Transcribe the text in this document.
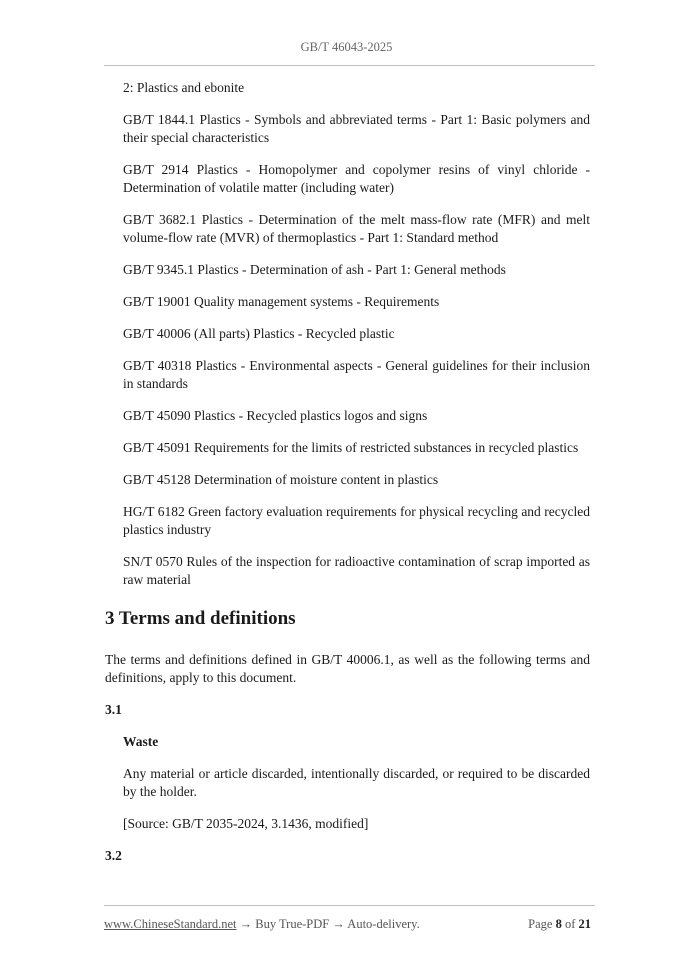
GB/T 46043-2025

2: Plastics and ebonite

GB/T 1844.1 Plastics - Symbols and abbreviated terms - Part 1: Basic polymers and their special characteristics

GB/T 2914 Plastics - Homopolymer and copolymer resins of vinyl chloride - Determination of volatile matter (including water)

GB/T 3682.1 Plastics - Determination of the melt mass-flow rate (MFR) and melt volume-flow rate (MVR) of thermoplastics - Part 1: Standard method

GB/T 9345.1 Plastics - Determination of ash - Part 1: General methods

GB/T 19001 Quality management systems - Requirements

GB/T 40006 (All parts) Plastics - Recycled plastic

GB/T 40318 Plastics - Environmental aspects - General guidelines for their inclusion in standards

GB/T 45090 Plastics - Recycled plastics logos and signs

GB/T 45091 Requirements for the limits of restricted substances in recycled plastics

GB/T 45128 Determination of moisture content in plastics

HG/T 6182 Green factory evaluation requirements for physical recycling and recycled plastics industry

SN/T 0570 Rules of the inspection for radioactive contamination of scrap imported as raw material

3 Terms and definitions

The terms and definitions defined in GB/T 40006.1, as well as the following terms and definitions, apply to this document.

3.1
Waste

Any material or article discarded, intentionally discarded, or required to be discarded by the holder.

[Source: GB/T 2035-2024, 3.1436, modified]

3.2
www.ChineseStandard.net → Buy True-PDF → Auto-delivery.	Page 8 of 21
